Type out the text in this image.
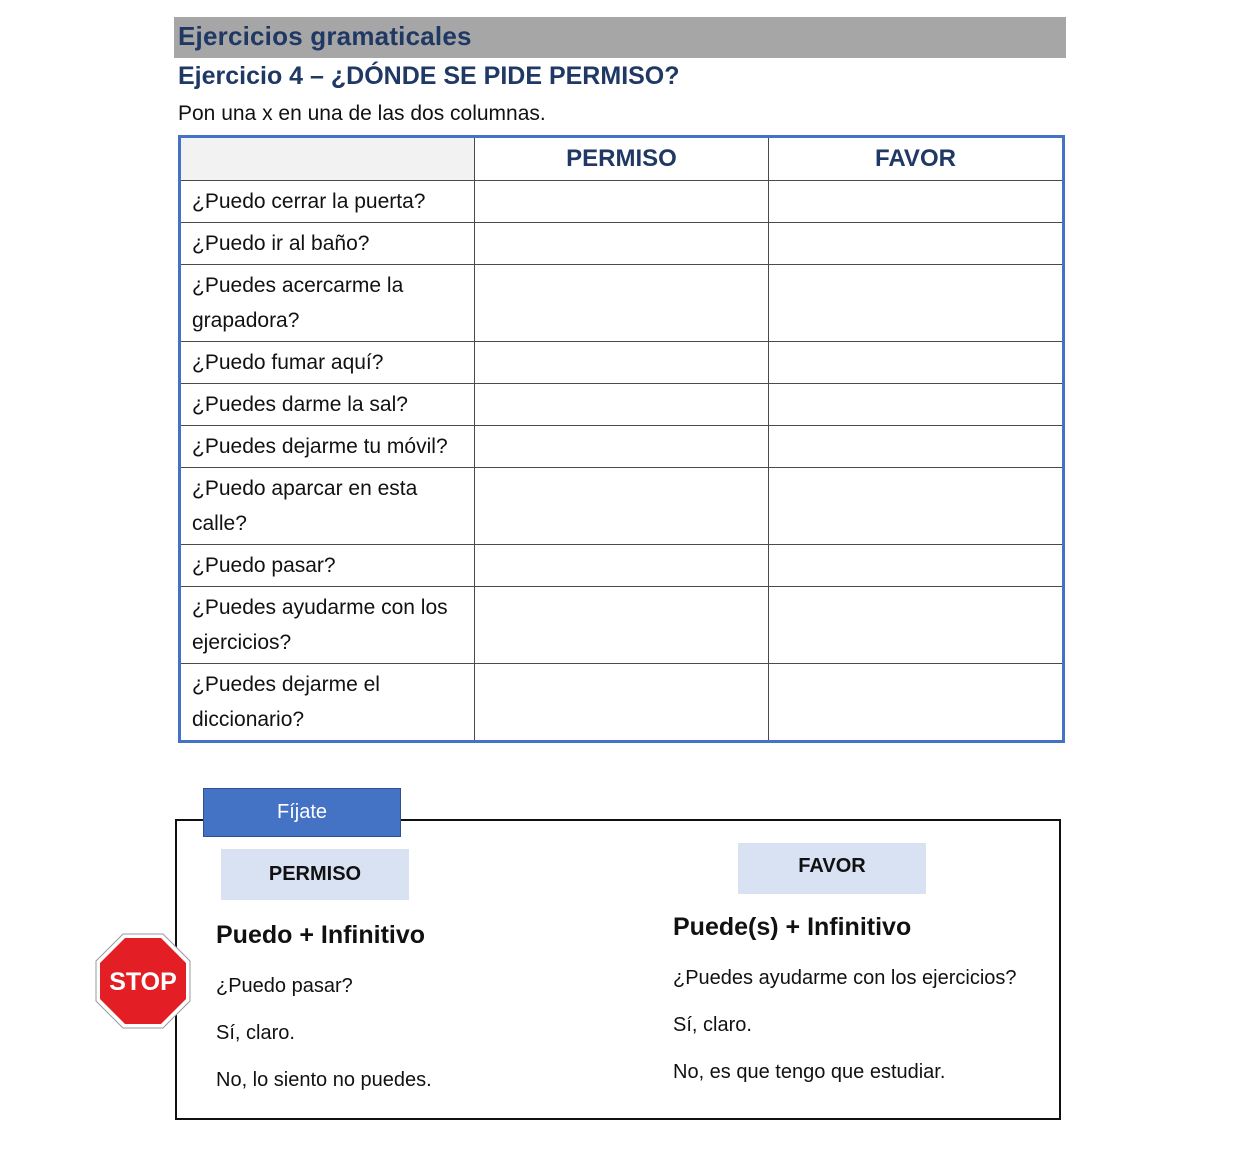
Ejercicios gramaticales
Ejercicio 4 – ¿DÓNDE SE PIDE PERMISO?
Pon una x en una de las dos columnas.
	PERMISO	FAVOR
¿Puedo cerrar la puerta?		
¿Puedo ir al baño?		
¿Puedes acercarme la grapadora?		
¿Puedo fumar aquí?		
¿Puedes darme la sal?		
¿Puedes dejarme tu móvil?		
¿Puedo aparcar en esta calle?		
¿Puedo pasar?		
¿Puedes ayudarme con los ejercicios?		
¿Puedes dejarme el diccionario?		
Fíjate
PERMISO	FAVOR
Puedo + Infinitivo	Puede(s) + Infinitivo
¿Puedo pasar?
Sí, claro.
No, lo siento no puedes.
¿Puedes ayudarme con los ejercicios?
Sí, claro.
No, es que tengo que estudiar.
STOP
